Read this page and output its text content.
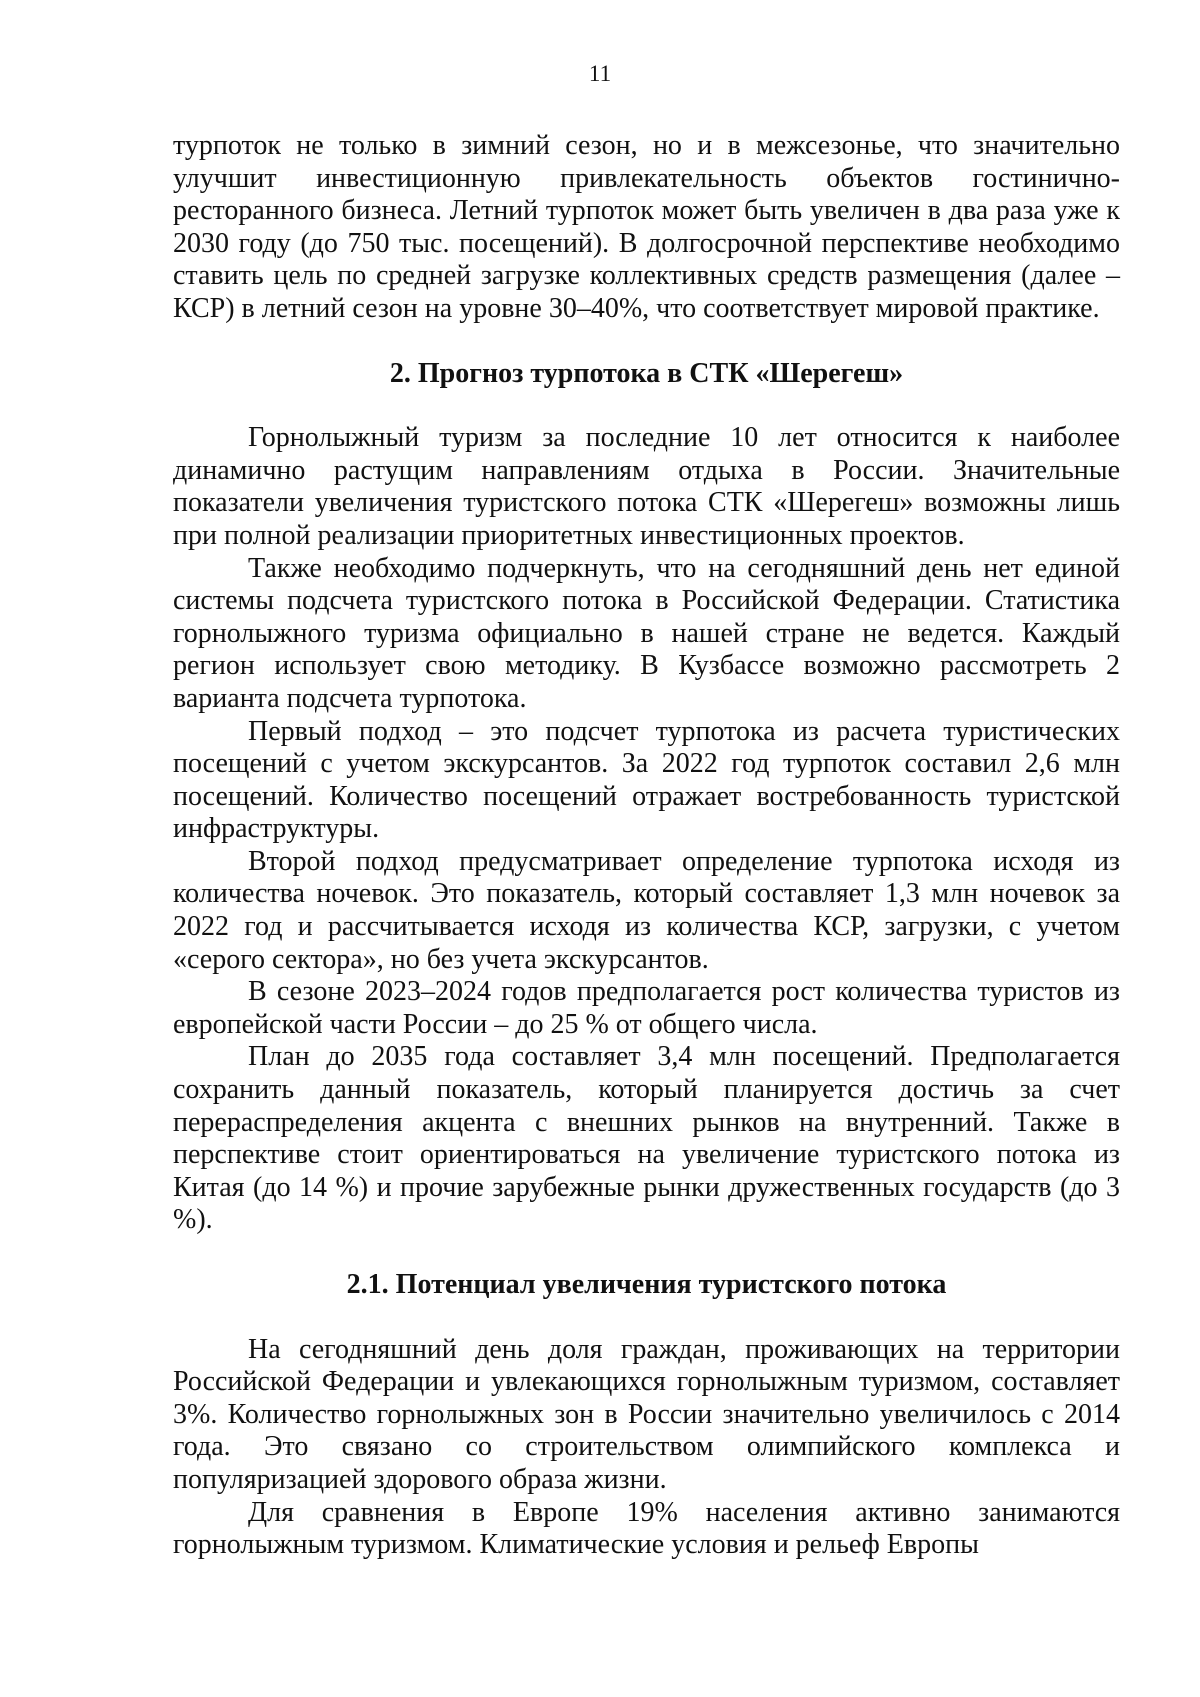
11

турпоток не только в зимний сезон, но и в межсезонье, что значительно улучшит инвестиционную привлекательность объектов гостинично-ресторанного бизнеса. Летний турпоток может быть увеличен в два раза уже к 2030 году (до 750 тыс. посещений). В долгосрочной перспективе необходимо ставить цель по средней загрузке коллективных средств размещения (далее – КСР) в летний сезон на уровне 30–40%, что соответствует мировой практике.

2. Прогноз турпотока в СТК «Шерегеш»

Горнолыжный туризм за последние 10 лет относится к наиболее динамично растущим направлениям отдыха в России. Значительные показатели увеличения туристского потока СТК «Шерегеш» возможны лишь при полной реализации приоритетных инвестиционных проектов.

Также необходимо подчеркнуть, что на сегодняшний день нет единой системы подсчета туристского потока в Российской Федерации. Статистика горнолыжного туризма официально в нашей стране не ведется. Каждый регион использует свою методику. В Кузбассе возможно рассмотреть 2 варианта подсчета турпотока.

Первый подход – это подсчет турпотока из расчета туристических посещений с учетом экскурсантов. За 2022 год турпоток составил 2,6 млн посещений. Количество посещений отражает востребованность туристской инфраструктуры.

Второй подход предусматривает определение турпотока исходя из количества ночевок. Это показатель, который составляет 1,3 млн ночевок за 2022 год и рассчитывается исходя из количества КСР, загрузки, с учетом «серого сектора», но без учета экскурсантов.

В сезоне 2023–2024 годов предполагается рост количества туристов из европейской части России – до 25 % от общего числа.

План до 2035 года составляет 3,4 млн посещений. Предполагается сохранить данный показатель, который планируется достичь за счет перераспределения акцента с внешних рынков на внутренний. Также в перспективе стоит ориентироваться на увеличение туристского потока из Китая (до 14 %) и прочие зарубежные рынки дружественных государств (до 3 %).

2.1. Потенциал увеличения туристского потока

На сегодняшний день доля граждан, проживающих на территории Российской Федерации и увлекающихся горнолыжным туризмом, составляет 3%. Количество горнолыжных зон в России значительно увеличилось с 2014 года. Это связано со строительством олимпийского комплекса и популяризацией здорового образа жизни.

Для сравнения в Европе 19% населения активно занимаются горнолыжным туризмом. Климатические условия и рельеф Европы
